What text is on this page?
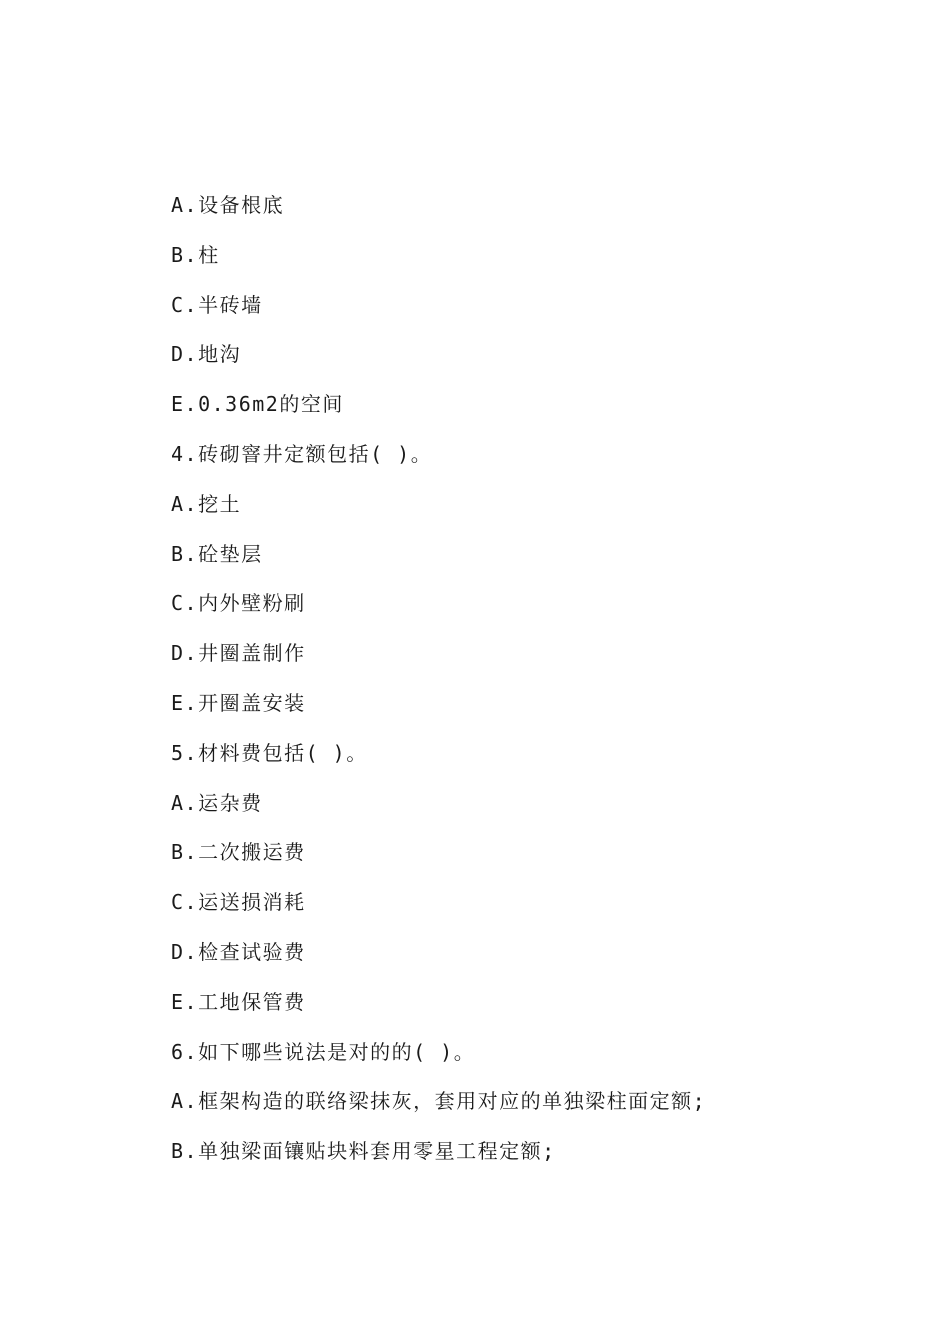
A.设备根底
B.柱
C.半砖墙
D.地沟
E.0.36m2的空间
4.砖砌窨井定额包括( )。
A.挖土
B.砼垫层
C.内外壁粉刷
D.井圈盖制作
E.开圈盖安装
5.材料费包括( )。
A.运杂费
B.二次搬运费
C.运送损消耗
D.检查试验费
E.工地保管费
6.如下哪些说法是对的的( )。
A.框架构造的联络梁抹灰，套用对应的单独梁柱面定额;
B.单独梁面镶贴块料套用零星工程定额;
